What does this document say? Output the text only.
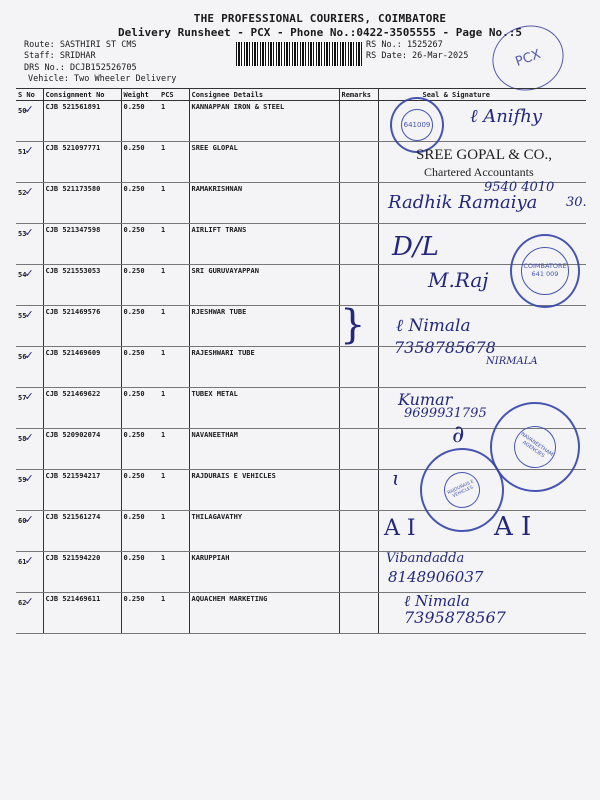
THE PROFESSIONAL COURIERS, COIMBATORE
Delivery Runsheet - PCX - Phone No.:0422-3505555 - Page No.:5
Route: SASTHIRI ST CMS
Staff: SRIDHAR
DRS No.: DCJB152526705
Vehicle: Two Wheeler Delivery
RS No.: 1525267
RS Date: 26-Mar-2025	PCX
S No	Consignment No	Weight	PCS	Consignee Details	Remarks	Seal & Signature
50✓	CJB 521561891	0.250	1	KANNAPPAN IRON & STEEL		
51✓	CJB 521097771	0.250	1	SREE GLOPAL		
52✓	CJB 521173580	0.250	1	RAMAKRISHNAN		
53✓	CJB 521347598	0.250	1	AIRLIFT TRANS		
54✓	CJB 521553053	0.250	1	SRI GURUVAYAPPAN		
55✓	CJB 521469576	0.250	1	RJESHWAR TUBE		
56✓	CJB 521469609	0.250	1	RAJESHWARI TUBE		
57✓	CJB 521469622	0.250	1	TUBEX METAL		
58✓	CJB 520902074	0.250	1	NAVANEETHAM		
59✓	CJB 521594217	0.250	1	RAJDURAIS E VEHICLES		
60✓	CJB 521561274	0.250	1	THILAGAVATHY		
61✓	CJB 521594220	0.250	1	KARUPPIAH		
62✓	CJB 521469611	0.250	1	AQUACHEM MARKETING		
641009 ℓ Anifhy
SREE GOPAL & CO.,
Chartered Accountants
9540 4010
Radhik Ramaiya 30.
D/L
M.Raj
COIMBATORE
641 009
} ℓ Nimala
7358785678
NIRMALA
Kumar
9699931795
∂	NAVANEETHAM AGENCIES
RAJDURAIS E VEHICLES
ɩ
A I	A I
Vibandadda
8148906037
ℓ Nimala
7395878567
